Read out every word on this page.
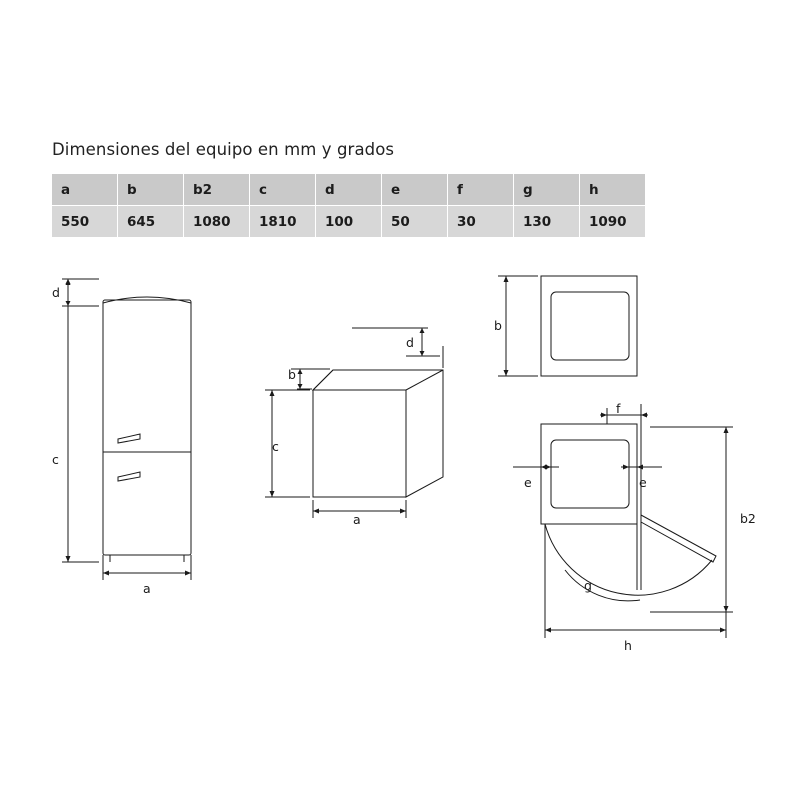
Dimensiones del equipo en mm y grados
a	b	b2	c	d	e	f	g	h
550	645	1080	1810	100	50	30	130	1090
d
c
a
b
d
c
a
b
f
e	e
b2
g
h
